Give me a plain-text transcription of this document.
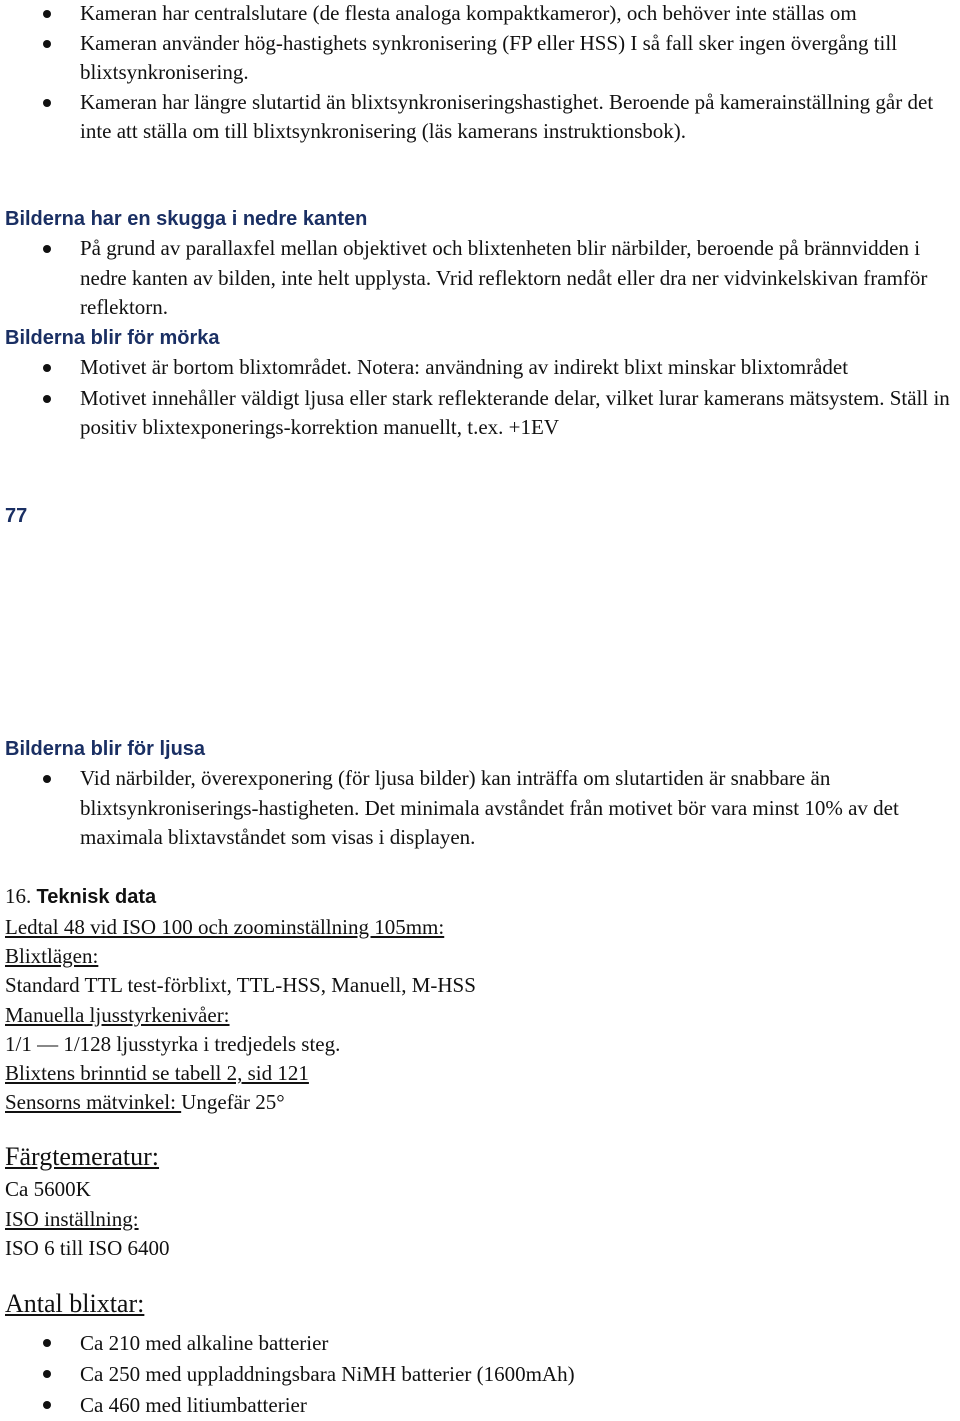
Kameran har centralslutare (de flesta analoga kompaktkameror), och behöver inte ställas om
Kameran använder hög-hastighets synkronisering (FP eller HSS) I så fall sker ingen övergång till blixtsynkronisering.
Kameran har längre slutartid än blixtsynkroniseringshastighet. Beroende på kamerainställning går det inte att ställa om till blixtsynkronisering (läs kamerans instruktionsbok).
Bilderna har en skugga i nedre kanten
På grund av parallaxfel mellan objektivet och blixtenheten blir närbilder, beroende på brännvidden i nedre kanten av bilden, inte helt upplysta. Vrid reflektorn nedåt eller dra ner vidvinkelskivan framför reflektorn.
Bilderna blir för mörka
Motivet är bortom blixtområdet. Notera: användning av indirekt blixt minskar blixtområdet
Motivet innehåller väldigt ljusa eller stark reflekterande delar, vilket lurar kamerans mätsystem. Ställ in positiv blixtexponerings-korrektion manuellt, t.ex. +1EV
77
Bilderna blir för ljusa
Vid närbilder, överexponering (för ljusa bilder) kan inträffa om slutartiden är snabbare än blixtsynkroniserings-hastigheten. Det minimala avståndet från motivet bör vara minst 10% av det maximala blixtavståndet som visas i displayen.
16. Teknisk data
Ledtal 48 vid ISO 100 och zoominställning 105mm:
Blixtlägen:
Standard TTL test-förblixt, TTL-HSS, Manuell, M-HSS
Manuella ljusstyrkenivåer:
1/1 — 1/128 ljusstyrka i tredjedels steg.
Blixtens brinntid se tabell 2, sid 121
Sensorns mätvinkel: Ungefär 25°
Färgtemeratur:
Ca 5600K
ISO inställning:
ISO 6 till ISO 6400
Antal blixtar:
Ca 210 med alkaline batterier
Ca 250 med uppladdningsbara NiMH batterier (1600mAh)
Ca 460 med litiumbatterier
